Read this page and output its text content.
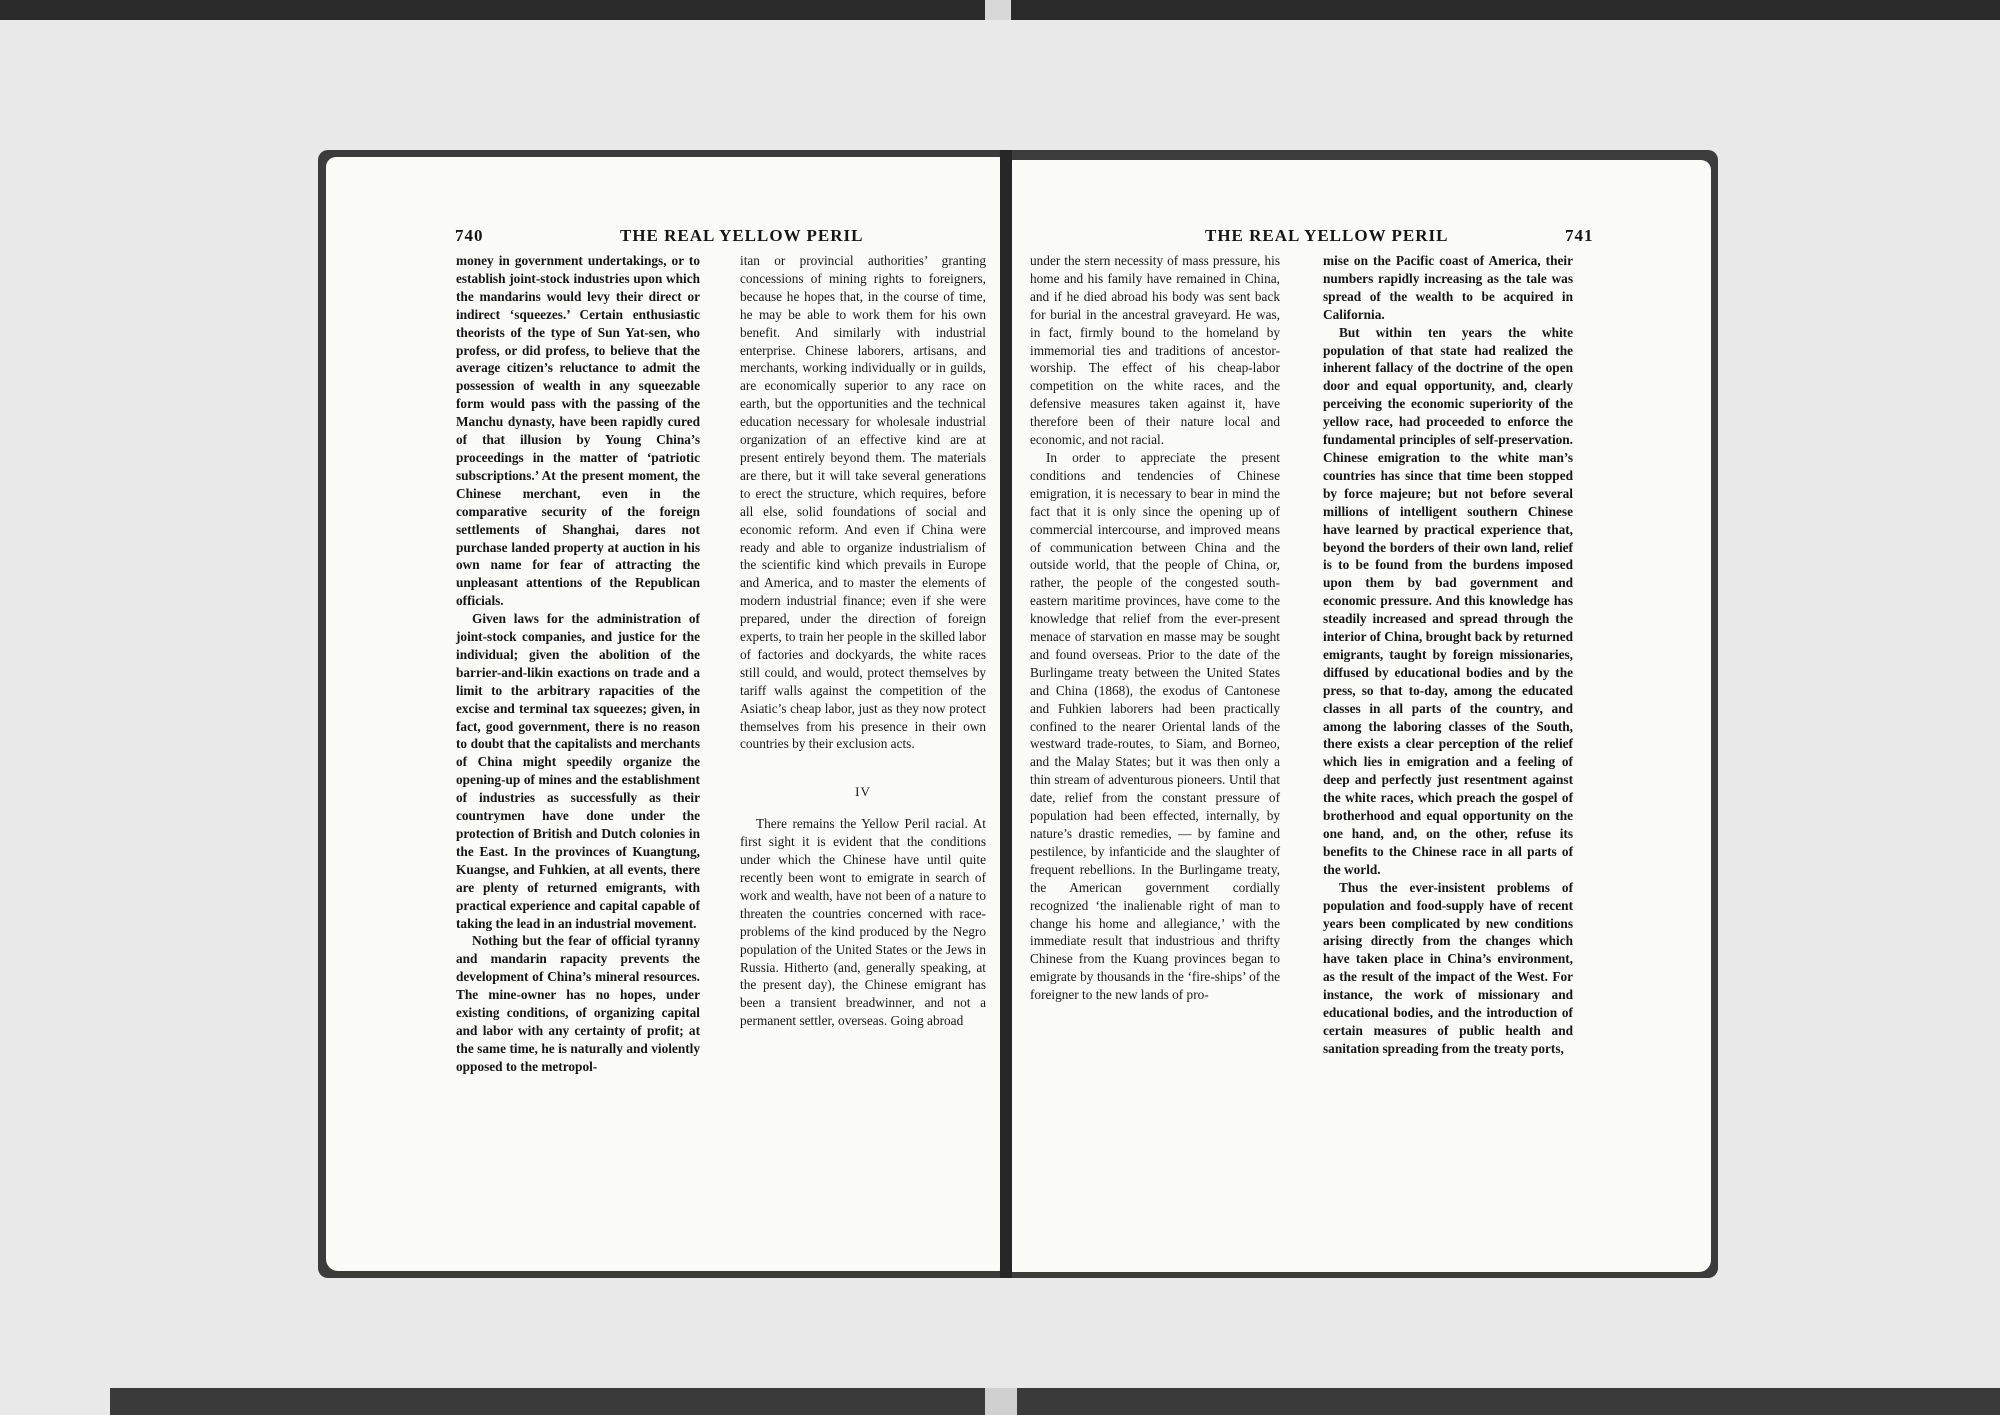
740	THE REAL YELLOW PERIL	THE REAL YELLOW PERIL	741

money in government undertakings, or to establish joint-stock industries upon which the mandarins would levy their direct or indirect ‘squeezes.’ Certain enthusiastic theorists of the type of Sun Yat-sen, who profess, or did profess, to believe that the average citizen’s reluctance to admit the possession of wealth in any squeezable form would pass with the passing of the Manchu dynasty, have been rapidly cured of that illusion by Young China’s proceedings in the matter of ‘patriotic subscriptions.’ At the present moment, the Chinese merchant, even in the comparative security of the foreign settlements of Shanghai, dares not purchase landed property at auction in his own name for fear of attracting the unpleasant attentions of the Republican officials.

Given laws for the administration of joint-stock companies, and justice for the individual; given the abolition of the barrier-and-likin exactions on trade and a limit to the arbitrary rapacities of the excise and terminal tax squeezes; given, in fact, good government, there is no reason to doubt that the capitalists and merchants of China might speedily organize the opening-up of mines and the establishment of industries as successfully as their countrymen have done under the protection of British and Dutch colonies in the East. In the provinces of Kuangtung, Kuangse, and Fuhkien, at all events, there are plenty of returned emigrants, with practical experience and capital capable of taking the lead in an industrial movement.

Nothing but the fear of official tyranny and mandarin rapacity prevents the development of China’s mineral resources. The mine-owner has no hopes, under existing conditions, of organizing capital and labor with any certainty of profit; at the same time, he is naturally and violently opposed to the metropol-

itan or provincial authorities’ granting concessions of mining rights to foreigners, because he hopes that, in the course of time, he may be able to work them for his own benefit. And similarly with industrial enterprise. Chinese laborers, artisans, and merchants, working individually or in guilds, are economically superior to any race on earth, but the opportunities and the technical education necessary for wholesale industrial organization of an effective kind are at present entirely beyond them. The materials are there, but it will take several generations to erect the structure, which requires, before all else, solid foundations of social and economic reform. And even if China were ready and able to organize industrialism of the scientific kind which prevails in Europe and America, and to master the elements of modern industrial finance; even if she were prepared, under the direction of foreign experts, to train her people in the skilled labor of factories and dockyards, the white races still could, and would, protect themselves by tariff walls against the competition of the Asiatic’s cheap labor, just as they now protect themselves from his presence in their own countries by their exclusion acts.

IV

There remains the Yellow Peril racial. At first sight it is evident that the conditions under which the Chinese have until quite recently been wont to emigrate in search of work and wealth, have not been of a nature to threaten the countries concerned with race-problems of the kind produced by the Negro population of the United States or the Jews in Russia. Hitherto (and, generally speaking, at the present day), the Chinese emigrant has been a transient breadwinner, and not a permanent settler, overseas. Going abroad

under the stern necessity of mass pressure, his home and his family have remained in China, and if he died abroad his body was sent back for burial in the ancestral graveyard. He was, in fact, firmly bound to the homeland by immemorial ties and traditions of ancestor-worship. The effect of his cheap-labor competition on the white races, and the defensive measures taken against it, have therefore been of their nature local and economic, and not racial.

In order to appreciate the present conditions and tendencies of Chinese emigration, it is necessary to bear in mind the fact that it is only since the opening up of commercial intercourse, and improved means of communication between China and the outside world, that the people of China, or, rather, the people of the congested south-eastern maritime provinces, have come to the knowledge that relief from the ever-present menace of starvation en masse may be sought and found overseas. Prior to the date of the Burlingame treaty between the United States and China (1868), the exodus of Cantonese and Fuhkien laborers had been practically confined to the nearer Oriental lands of the westward trade-routes, to Siam, and Borneo, and the Malay States; but it was then only a thin stream of adventurous pioneers. Until that date, relief from the constant pressure of population had been effected, internally, by nature’s drastic remedies, — by famine and pestilence, by infanticide and the slaughter of frequent rebellions. In the Burlingame treaty, the American government cordially recognized ‘the inalienable right of man to change his home and allegiance,’ with the immediate result that industrious and thrifty Chinese from the Kuang provinces began to emigrate by thousands in the ‘fire-ships’ of the foreigner to the new lands of pro-

mise on the Pacific coast of America, their numbers rapidly increasing as the tale was spread of the wealth to be acquired in California.

But within ten years the white population of that state had realized the inherent fallacy of the doctrine of the open door and equal opportunity, and, clearly perceiving the economic superiority of the yellow race, had proceeded to enforce the fundamental principles of self-preservation. Chinese emigration to the white man’s countries has since that time been stopped by force majeure; but not before several millions of intelligent southern Chinese have learned by practical experience that, beyond the borders of their own land, relief is to be found from the burdens imposed upon them by bad government and economic pressure. And this knowledge has steadily increased and spread through the interior of China, brought back by returned emigrants, taught by foreign missionaries, diffused by educational bodies and by the press, so that to-day, among the educated classes in all parts of the country, and among the laboring classes of the South, there exists a clear perception of the relief which lies in emigration and a feeling of deep and perfectly just resentment against the white races, which preach the gospel of brotherhood and equal opportunity on the one hand, and, on the other, refuse its benefits to the Chinese race in all parts of the world.

Thus the ever-insistent problems of population and food-supply have of recent years been complicated by new conditions arising directly from the changes which have taken place in China’s environment, as the result of the impact of the West. For instance, the work of missionary and educational bodies, and the introduction of certain measures of public health and sanitation spreading from the treaty ports,
